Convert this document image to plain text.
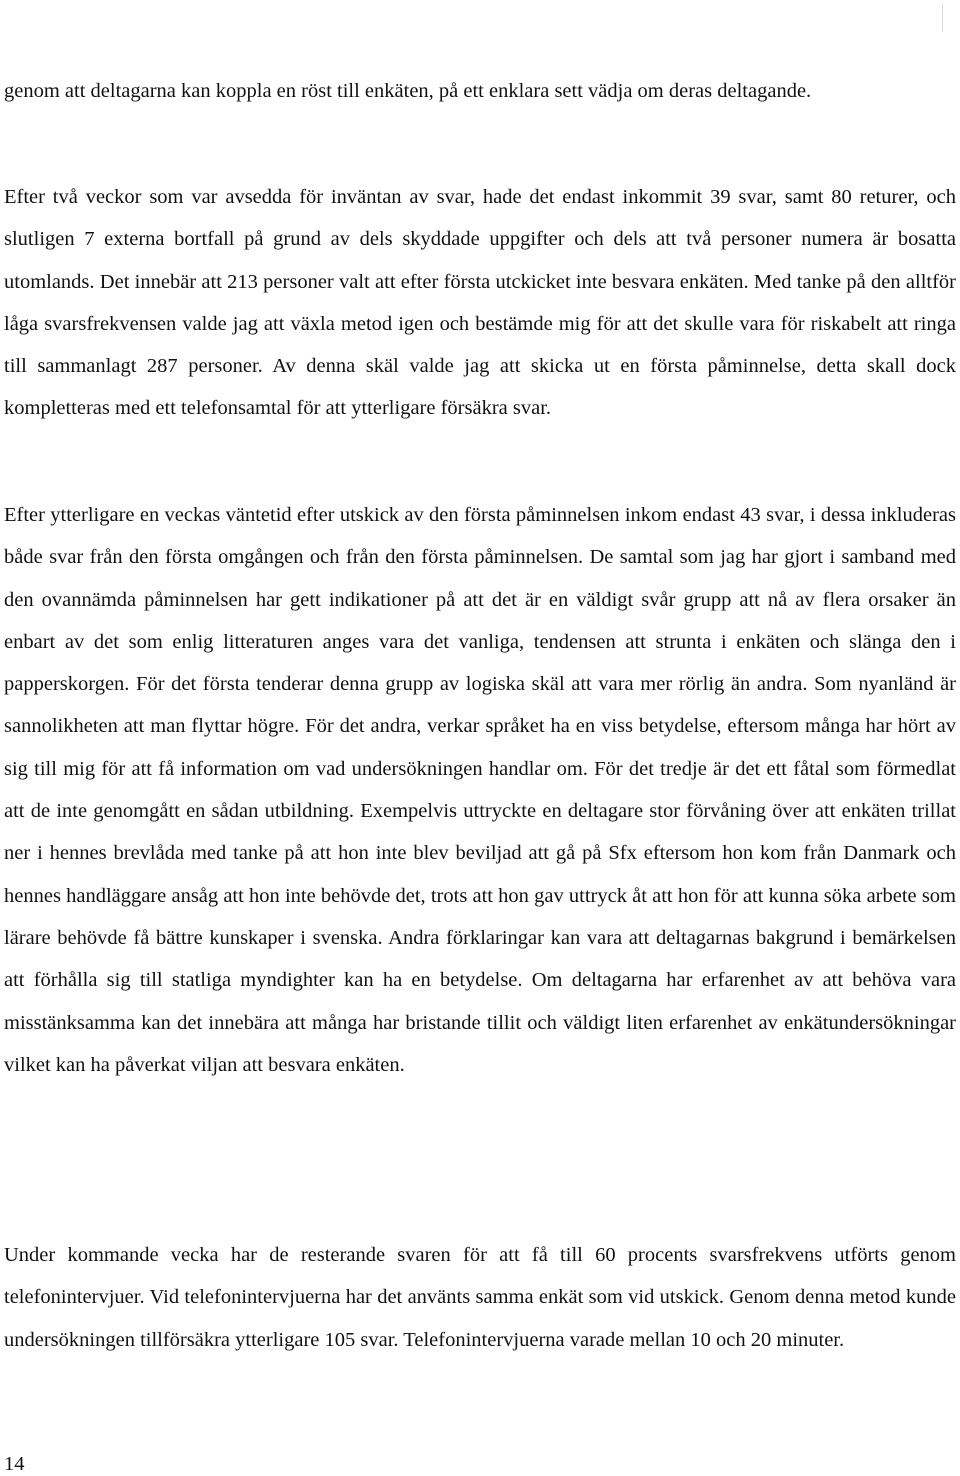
genom att deltagarna kan koppla en röst till enkäten, på ett enklara sett vädja om deras deltagande.

Efter två veckor som var avsedda för inväntan av svar, hade det endast inkommit 39 svar, samt 80 returer, och slutligen 7 externa bortfall på grund av dels skyddade uppgifter och dels att två personer numera är bosatta utomlands. Det innebär att 213 personer valt att efter första utckicket inte besvara enkäten. Med tanke på den alltför låga svarsfrekvensen valde jag att växla metod igen och bestämde mig för att det skulle vara för riskabelt att ringa till sammanlagt 287 personer. Av denna skäl valde jag att skicka ut en första påminnelse, detta skall dock kompletteras med ett telefonsamtal för att ytterligare försäkra svar.

Efter ytterligare en veckas väntetid efter utskick av den första påminnelsen inkom endast 43 svar, i dessa inkluderas både svar från den första omgången och från den första påminnelsen. De samtal som jag har gjort i samband med den ovannämda påminnelsen har gett indikationer på att det är en väldigt svår grupp att nå av flera orsaker än enbart av det som enlig litteraturen anges vara det vanliga, tendensen att strunta i enkäten och slänga den i papperskorgen. För det första tenderar denna grupp av logiska skäl att vara mer rörlig än andra. Som nyanländ är sannolikheten att man flyttar högre. För det andra, verkar språket ha en viss betydelse, eftersom många har hört av sig till mig för att få information om vad undersökningen handlar om. För det tredje är det ett fåtal som förmedlat att de inte genomgått en sådan utbildning. Exempelvis uttryckte en deltagare stor förvåning över att enkäten trillat ner i hennes brevlåda med tanke på att hon inte blev beviljad att gå på Sfx eftersom hon kom från Danmark och hennes handläggare ansåg att hon inte behövde det, trots att hon gav uttryck åt att hon för att kunna söka arbete som lärare behövde få bättre kunskaper i svenska. Andra förklaringar kan vara att deltagarnas bakgrund i bemärkelsen att förhålla sig till statliga myndighter kan ha en betydelse. Om deltagarna har erfarenhet av att behöva vara misstänksamma kan det innebära att många har bristande tillit och väldigt liten erfarenhet av enkätundersökningar vilket kan ha påverkat viljan att besvara enkäten.

Under kommande vecka har de resterande svaren för att få till 60 procents svarsfrekvens utförts genom telefonintervjuer. Vid telefonintervjuerna har det använts samma enkät som vid utskick. Genom denna metod kunde undersökningen tillförsäkra ytterligare 105 svar. Telefonintervjuerna varade mellan 10 och 20 minuter.

14
